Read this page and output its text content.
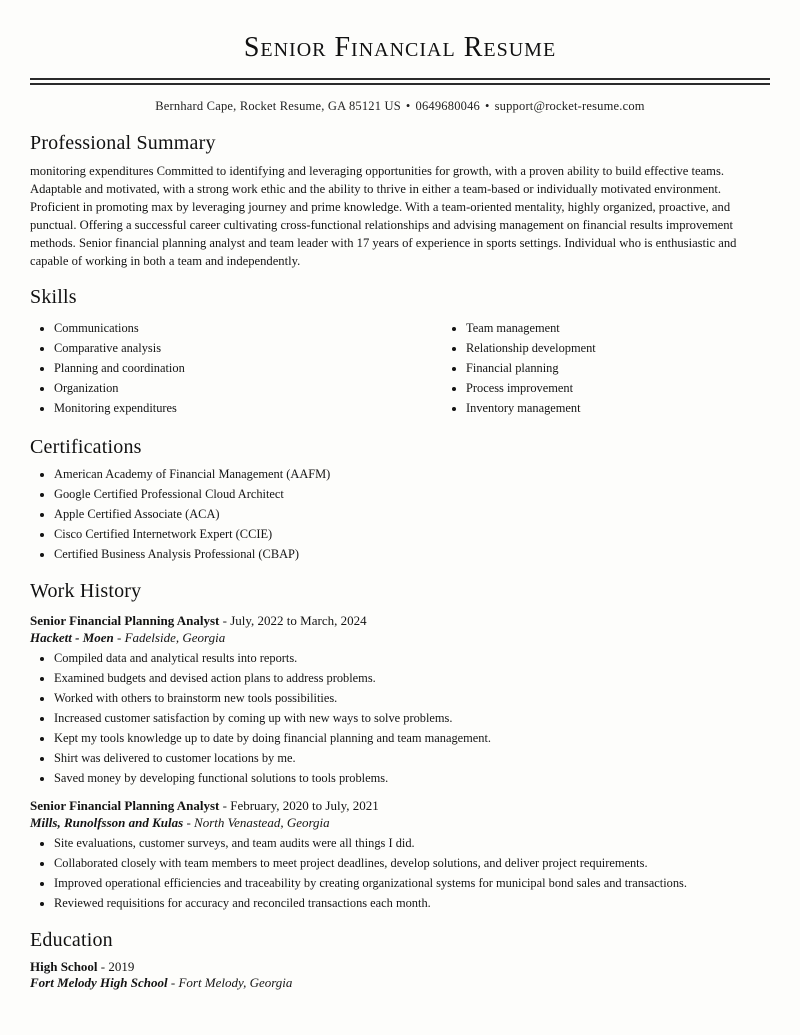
Senior Financial Resume
Bernhard Cape, Rocket Resume, GA 85121 US • 0649680046 • support@rocket-resume.com
Professional Summary

monitoring expenditures Committed to identifying and leveraging opportunities for growth, with a proven ability to build effective teams. Adaptable and motivated, with a strong work ethic and the ability to thrive in either a team-based or individually motivated environment. Proficient in promoting max by leveraging journey and prime knowledge. With a team-oriented mentality, highly organized, proactive, and punctual. Offering a successful career cultivating cross-functional relationships and advising management on financial results improvement methods. Senior financial planning analyst and team leader with 17 years of experience in sports settings. Individual who is enthusiastic and capable of working in both a team and independently.

Skills
• Communications
• Comparative analysis
• Planning and coordination
• Organization
• Monitoring expenditures
• Team management
• Relationship development
• Financial planning
• Process improvement
• Inventory management
Certifications
• American Academy of Financial Management (AAFM)
• Google Certified Professional Cloud Architect
• Apple Certified Associate (ACA)
• Cisco Certified Internetwork Expert (CCIE)
• Certified Business Analysis Professional (CBAP)
Work History
Senior Financial Planning Analyst - July, 2022 to March, 2024
Hackett - Moen - Fadelside, Georgia
• Compiled data and analytical results into reports.
• Examined budgets and devised action plans to address problems.
• Worked with others to brainstorm new tools possibilities.
• Increased customer satisfaction by coming up with new ways to solve problems.
• Kept my tools knowledge up to date by doing financial planning and team management.
• Shirt was delivered to customer locations by me.
• Saved money by developing functional solutions to tools problems.
Senior Financial Planning Analyst - February, 2020 to July, 2021
Mills, Runolfsson and Kulas - North Venastead, Georgia
• Site evaluations, customer surveys, and team audits were all things I did.
• Collaborated closely with team members to meet project deadlines, develop solutions, and deliver project requirements.
• Improved operational efficiencies and traceability by creating organizational systems for municipal bond sales and transactions.
• Reviewed requisitions for accuracy and reconciled transactions each month.
Education
High School - 2019
Fort Melody High School - Fort Melody, Georgia
